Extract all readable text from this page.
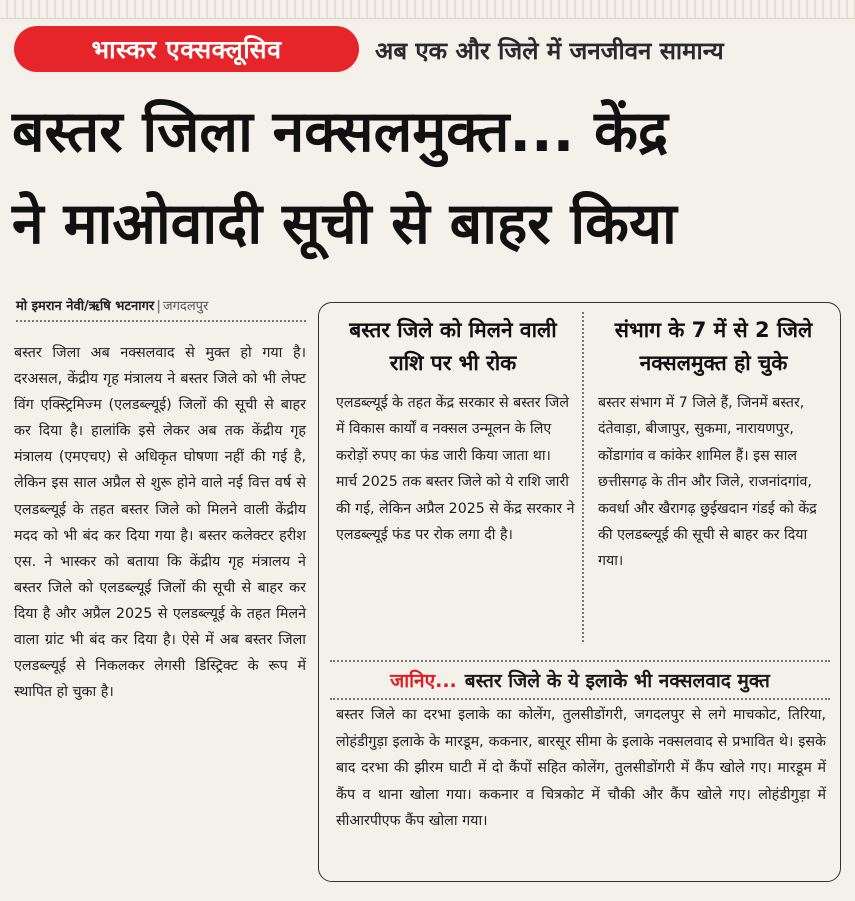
भास्कर एक्सक्लूसिव	अब एक और जिले में जनजीवन सामान्य
बस्तर जिला नक्सलमुक्त... केंद्र
ने माओवादी सूची से बाहर किया
मो इमरान नेवी/ऋषि भटनागर | जगदलपुर

बस्तर जिला अब नक्सलवाद से मुक्त हो गया है। दरअसल, केंद्रीय गृह मंत्रालय ने बस्तर जिले को भी लेफ्ट विंग एक्स्ट्रिमिज्म (एलडब्ल्यूई) जिलों की सूची से बाहर कर दिया है। हालांकि इसे लेकर अब तक केंद्रीय गृह मंत्रालय (एमएचए) से अधिकृत घोषणा नहीं की गई है, लेकिन इस साल अप्रैल से शुरू होने वाले नई वित्त वर्ष से एलडब्ल्यूई के तहत बस्तर जिले को मिलने वाली केंद्रीय मदद को भी बंद कर दिया गया है। बस्तर कलेक्टर हरीश एस. ने भास्कर को बताया कि केंद्रीय गृह मंत्रालय ने बस्तर जिले को एलडब्ल्यूई जिलों की सूची से बाहर कर दिया है और अप्रैल 2025 से एलडब्ल्यूई के तहत मिलने वाला ग्रांट भी बंद कर दिया है। ऐसे में अब बस्तर जिला एलडब्ल्यूई से निकलकर लेगसी डिस्ट्रिक्ट के रूप में स्थापित हो चुका है।

बस्तर जिले को मिलने वाली राशि पर भी रोक
एलडब्ल्यूई के तहत केंद्र सरकार से बस्तर जिले में विकास कार्यों व नक्सल उन्मूलन के लिए करोड़ों रुपए का फंड जारी किया जाता था। मार्च 2025 तक बस्तर जिले को ये राशि जारी की गई, लेकिन अप्रैल 2025 से केंद्र सरकार ने एलडब्ल्यूई फंड पर रोक लगा दी है।
संभाग के 7 में से 2 जिले नक्सलमुक्त हो चुके
बस्तर संभाग में 7 जिले हैं, जिनमें बस्तर, दंतेवाड़ा, बीजापुर, सुकमा, नारायणपुर, कोंडागांव व कांकेर शामिल हैं। इस साल छत्तीसगढ़ के तीन और जिले, राजनांदगांव, कवर्धा और खैरागढ़ छुईखदान गंडई को केंद्र की एलडब्ल्यूई की सूची से बाहर कर दिया गया।
जानिए... बस्तर जिले के ये इलाके भी नक्सलवाद मुक्त
बस्तर जिले का दरभा इलाके का कोलेंग, तुलसीडोंगरी, जगदलपुर से लगे माचकोट, तिरिया, लोहंडीगुड़ा इलाके के मारडूम, ककनार, बारसूर सीमा के इलाके नक्सलवाद से प्रभावित थे। इसके बाद दरभा की झीरम घाटी में दो कैंपों सहित कोलेंग, तुलसीडोंगरी में कैंप खोले गए। मारडूम में कैंप व थाना खोला गया। ककनार व चित्रकोट में चौकी और कैंप खोले गए। लोहंडीगुड़ा में सीआरपीएफ कैंप खोला गया।
